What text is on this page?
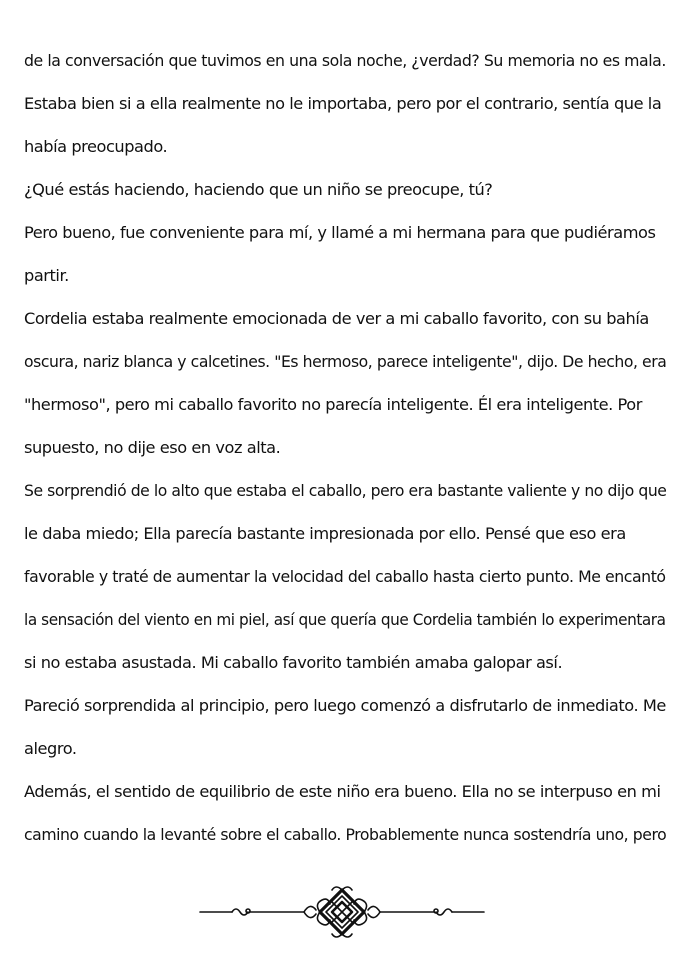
de la conversación que tuvimos en una sola noche, ¿verdad? Su memoria no es mala.
Estaba bien si a ella realmente no le importaba, pero por el contrario, sentía que la
había preocupado.
¿Qué estás haciendo, haciendo que un niño se preocupe, tú?
Pero bueno, fue conveniente para mí, y llamé a mi hermana para que pudiéramos
partir.
Cordelia estaba realmente emocionada de ver a mi caballo favorito, con su bahía
oscura, nariz blanca y calcetines. "Es hermoso, parece inteligente", dijo. De hecho, era
"hermoso", pero mi caballo favorito no parecía inteligente. Él era inteligente. Por
supuesto, no dije eso en voz alta.
Se sorprendió de lo alto que estaba el caballo, pero era bastante valiente y no dijo que
le daba miedo; Ella parecía bastante impresionada por ello. Pensé que eso era
favorable y traté de aumentar la velocidad del caballo hasta cierto punto. Me encantó
la sensación del viento en mi piel, así que quería que Cordelia también lo experimentara
si no estaba asustada. Mi caballo favorito también amaba galopar así.
Pareció sorprendida al principio, pero luego comenzó a disfrutarlo de inmediato. Me
alegro.
Además, el sentido de equilibrio de este niño era bueno. Ella no se interpuso en mi
camino cuando la levanté sobre el caballo. Probablemente nunca sostendría uno, pero
